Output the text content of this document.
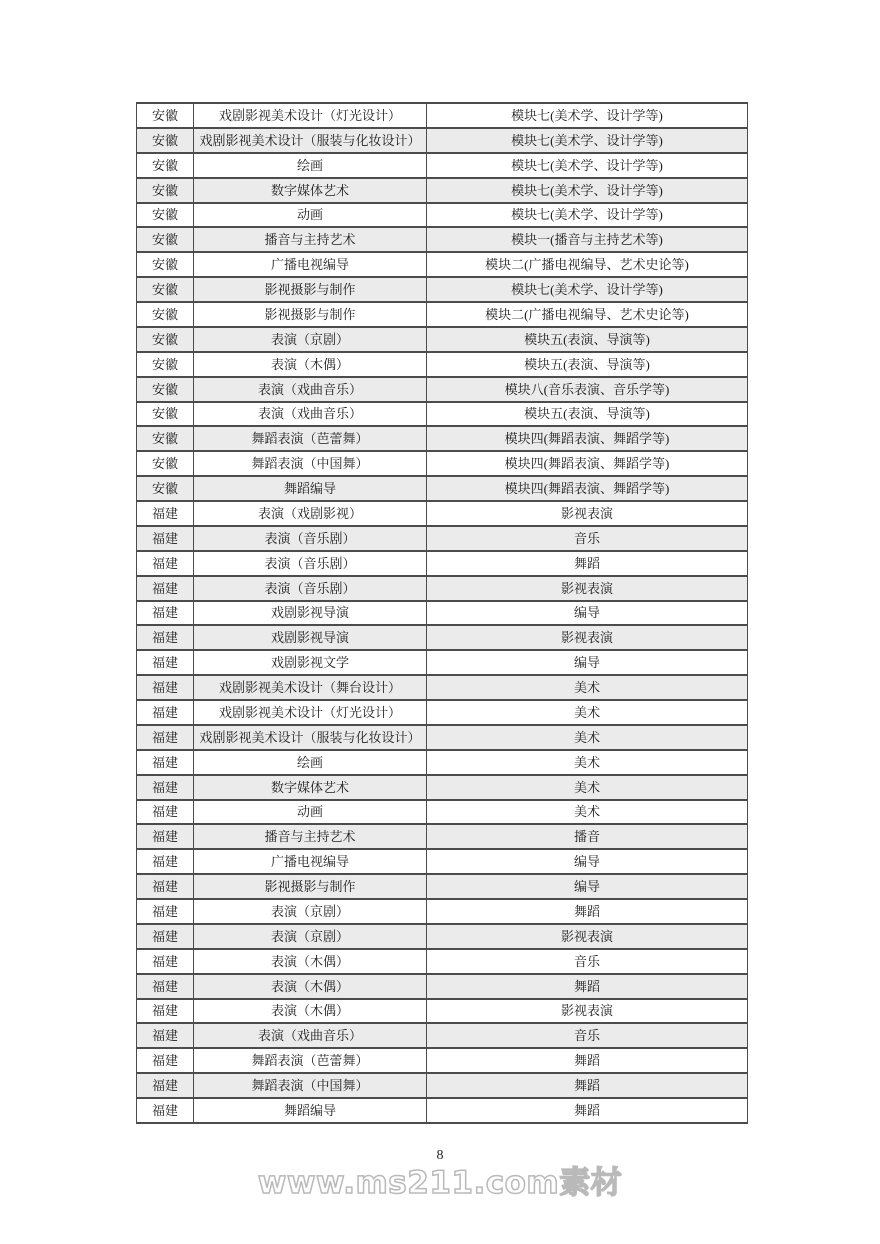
安徽	戏剧影视美术设计（灯光设计）	模块七(美术学、设计学等)
安徽	戏剧影视美术设计（服装与化妆设计）	模块七(美术学、设计学等)
安徽	绘画	模块七(美术学、设计学等)
安徽	数字媒体艺术	模块七(美术学、设计学等)
安徽	动画	模块七(美术学、设计学等)
安徽	播音与主持艺术	模块一(播音与主持艺术等)
安徽	广播电视编导	模块二(广播电视编导、艺术史论等)
安徽	影视摄影与制作	模块七(美术学、设计学等)
安徽	影视摄影与制作	模块二(广播电视编导、艺术史论等)
安徽	表演（京剧）	模块五(表演、导演等)
安徽	表演（木偶）	模块五(表演、导演等)
安徽	表演（戏曲音乐）	模块八(音乐表演、音乐学等)
安徽	表演（戏曲音乐）	模块五(表演、导演等)
安徽	舞蹈表演（芭蕾舞）	模块四(舞蹈表演、舞蹈学等)
安徽	舞蹈表演（中国舞）	模块四(舞蹈表演、舞蹈学等)
安徽	舞蹈编导	模块四(舞蹈表演、舞蹈学等)
福建	表演（戏剧影视）	影视表演
福建	表演（音乐剧）	音乐
福建	表演（音乐剧）	舞蹈
福建	表演（音乐剧）	影视表演
福建	戏剧影视导演	编导
福建	戏剧影视导演	影视表演
福建	戏剧影视文学	编导
福建	戏剧影视美术设计（舞台设计）	美术
福建	戏剧影视美术设计（灯光设计）	美术
福建	戏剧影视美术设计（服装与化妆设计）	美术
福建	绘画	美术
福建	数字媒体艺术	美术
福建	动画	美术
福建	播音与主持艺术	播音
福建	广播电视编导	编导
福建	影视摄影与制作	编导
福建	表演（京剧）	舞蹈
福建	表演（京剧）	影视表演
福建	表演（木偶）	音乐
福建	表演（木偶）	舞蹈
福建	表演（木偶）	影视表演
福建	表演（戏曲音乐）	音乐
福建	舞蹈表演（芭蕾舞）	舞蹈
福建	舞蹈表演（中国舞）	舞蹈
福建	舞蹈编导	舞蹈
8
www.ms211.com素材
